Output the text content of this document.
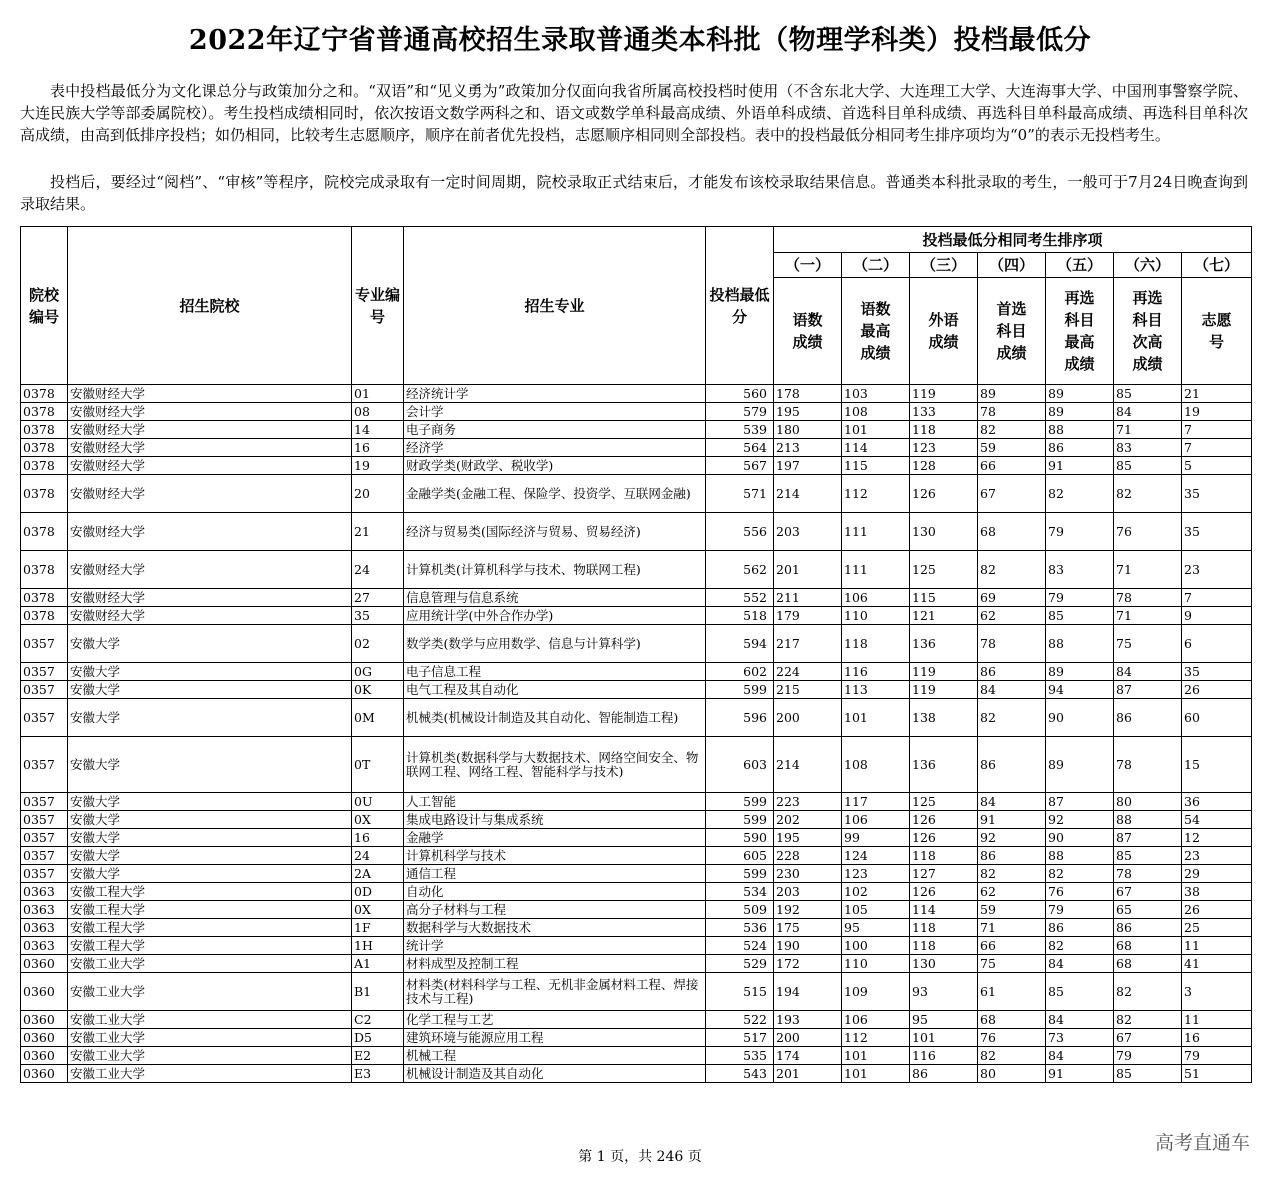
2022年辽宁省普通高校招生录取普通类本科批（物理学科类）投档最低分

表中投档最低分为文化课总分与政策加分之和。“双语”和“见义勇为”政策加分仅面向我省所属高校投档时使用（不含东北大学、大连理工大学、大连海事大学、中国刑事警察学院、大连民族大学等部委属院校）。考生投档成绩相同时，依次按语文数学两科之和、语文或数学单科最高成绩、外语单科成绩、首选科目单科成绩、再选科目单科最高成绩、再选科目单科次高成绩，由高到低排序投档；如仍相同，比较考生志愿顺序，顺序在前者优先投档，志愿顺序相同则全部投档。表中的投档最低分相同考生排序项均为“0”的表示无投档考生。

投档后，要经过“阅档”、“审核”等程序，院校完成录取有一定时间周期，院校录取正式结束后，才能发布该校录取结果信息。普通类本科批录取的考生，一般可于7月24日晚查询到录取结果。

院校编号	招生院校	专业编号	招生专业	投档最低分	投档最低分相同考生排序项						
					（一）	（二）	（三）	（四）	（五）	（六）	（七）
					语数成绩	语数最高成绩	外语成绩	首选科目成绩	再选科目最高成绩	再选科目次高成绩	志愿号
0378	安徽财经大学	01	经济统计学	560	178	103	119	89	89	85	21
0378	安徽财经大学	08	会计学	579	195	108	133	78	89	84	19
0378	安徽财经大学	14	电子商务	539	180	101	118	82	88	71	7
0378	安徽财经大学	16	经济学	564	213	114	123	59	86	83	7
0378	安徽财经大学	19	财政学类(财政学、税收学)	567	197	115	128	66	91	85	5
0378	安徽财经大学	20	金融学类(金融工程、保险学、投资学、互联网金融)	571	214	112	126	67	82	82	35
0378	安徽财经大学	21	经济与贸易类(国际经济与贸易、贸易经济)	556	203	111	130	68	79	76	35
0378	安徽财经大学	24	计算机类(计算机科学与技术、物联网工程)	562	201	111	125	82	83	71	23
0378	安徽财经大学	27	信息管理与信息系统	552	211	106	115	69	79	78	7
0378	安徽财经大学	35	应用统计学(中外合作办学)	518	179	110	121	62	85	71	9
0357	安徽大学	02	数学类(数学与应用数学、信息与计算科学)	594	217	118	136	78	88	75	6
0357	安徽大学	0G	电子信息工程	602	224	116	119	86	89	84	35
0357	安徽大学	0K	电气工程及其自动化	599	215	113	119	84	94	87	26
0357	安徽大学	0M	机械类(机械设计制造及其自动化、智能制造工程)	596	200	101	138	82	90	86	60
0357	安徽大学	0T	计算机类(数据科学与大数据技术、网络空间安全、物联网工程、网络工程、智能科学与技术)	603	214	108	136	86	89	78	15
0357	安徽大学	0U	人工智能	599	223	117	125	84	87	80	36
0357	安徽大学	0X	集成电路设计与集成系统	599	202	106	126	91	92	88	54
0357	安徽大学	16	金融学	590	195	99	126	92	90	87	12
0357	安徽大学	24	计算机科学与技术	605	228	124	118	86	88	85	23
0357	安徽大学	2A	通信工程	599	230	123	127	82	82	78	29
0363	安徽工程大学	0D	自动化	534	203	102	126	62	76	67	38
0363	安徽工程大学	0X	高分子材料与工程	509	192	105	114	59	79	65	26
0363	安徽工程大学	1F	数据科学与大数据技术	536	175	95	118	71	86	86	25
0363	安徽工程大学	1H	统计学	524	190	100	118	66	82	68	11
0360	安徽工业大学	A1	材料成型及控制工程	529	172	110	130	75	84	68	41
0360	安徽工业大学	B1	材料类(材料科学与工程、无机非金属材料工程、焊接技术与工程)	515	194	109	93	61	85	82	3
0360	安徽工业大学	C2	化学工程与工艺	522	193	106	95	68	84	82	11
0360	安徽工业大学	D5	建筑环境与能源应用工程	517	200	112	101	76	73	67	16
0360	安徽工业大学	E2	机械工程	535	174	101	116	82	84	79	79
0360	安徽工业大学	E3	机械设计制造及其自动化	543	201	101	86	80	91	85	51
第 1 页，共 246 页
高考直通车
